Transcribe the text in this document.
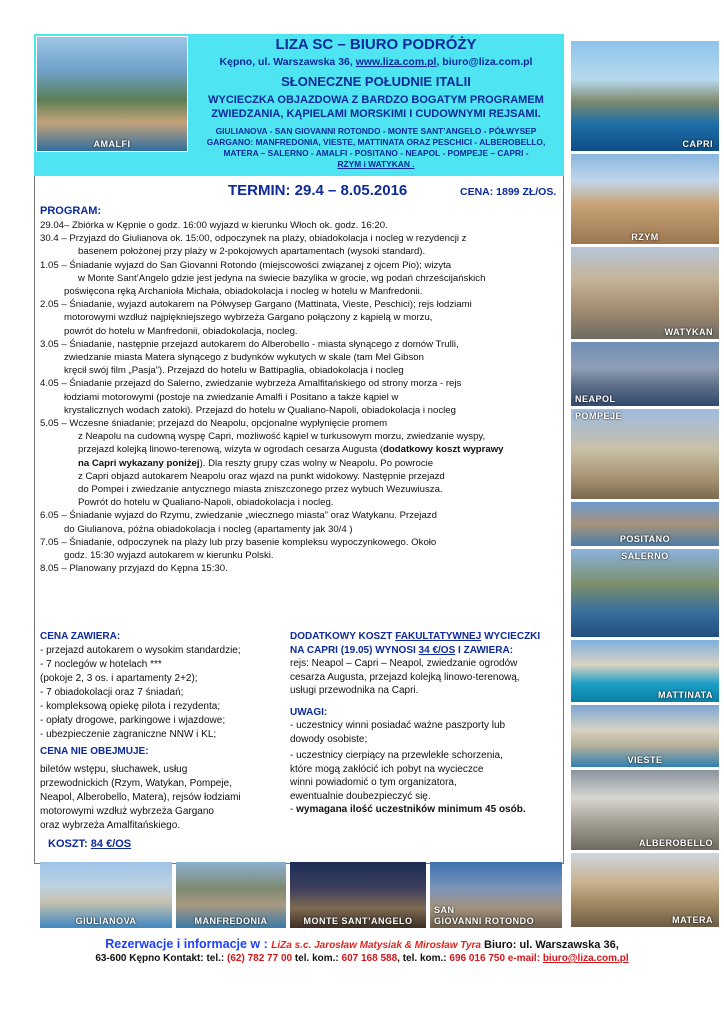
AMALFI
LIZA SC – BIURO PODRÓŻY
Kępno, ul. Warszawska 36, www.liza.com.pl, biuro@liza.com.pl
SŁONECZNE POŁUDNIE ITALII
WYCIECZKA OBJAZDOWA Z BARDZO BOGATYM PROGRAMEM
ZWIEDZANIA, KĄPIELAMI MORSKIMI I CUDOWNYMI REJSAMI.
GIULIANOVA - SAN GIOVANNI ROTONDO - MONTE SANT’ANGELO - PÓŁWYSEP
GARGANO: MANFREDONIA, VIESTE, MATTINATA ORAZ PESCHICI - ALBEROBELLO,
MATERA – SALERNO - AMALFI - POSITANO - NEAPOL - POMPEJE – CAPRI -
RZYM i WATYKAN .
TERMIN: 29.4 – 8.05.2016	CENA: 1899 ZŁ/OS.
PROGRAM:

29.04– Zbiórka w Kępnie o godz. 16:00 wyjazd w kierunku Włoch ok. godz. 16:20.

30.4 – Przyjazd do Giulianova ok. 15:00, odpoczynek na plaży, obiadokolacja i nocleg w rezydencji z

basenem położonej przy plaży w 2-pokojowych apartamentach (wysoki standard).

1.05 – Śniadanie wyjazd do San Giovanni Rotondo (miejscowości związanej z ojcem Pio); wizyta

w Monte Sant’Angelo gdzie jest jedyna na świecie bazylika w grocie, wg podań chrześcijańskich

poświęcona ręką Archanioła Michała, obiadokolacja i nocleg w hotelu w Manfredonii.

2.05 – Śniadanie, wyjazd autokarem na Półwysep Gargano (Mattinata, Vieste, Peschici); rejs łodziami

motorowymi wzdłuż najpiękniejszego wybrzeża Gargano połączony z kąpielą w morzu,

powrót do hotelu w Manfredonii, obiadokolacja, nocleg.

3.05 – Śniadanie, następnie przejazd autokarem do Alberobello - miasta słynącego z domów Trulli,

zwiedzanie miasta Matera słynącego z budynków wykutych w skale (tam Mel Gibson

kręcił swój film „Pasja”). Przejazd do hotelu w Battipaglia, obiadokolacja i nocleg

4.05 – Śniadanie przejazd do Salerno, zwiedzanie wybrzeża Amalfitańskiego od strony morza - rejs

łodziami motorowymi (postoje na zwiedzanie Amalfi i Positano a także kąpiel w

krystalicznych wodach zatoki). Przejazd do hotelu w Qualiano-Napoli, obiadokolacja i nocleg

5.05 – Wczesne śniadanie; przejazd do Neapolu, opcjonalne wypłynięcie promem

z Neapolu na cudowną wyspę Capri, możliwość kąpiel w turkusowym morzu, zwiedzanie wyspy,

przejazd kolejką linowo-terenową, wizyta w ogrodach cesarza Augusta (dodatkowy koszt wyprawy

na Capri wykazany poniżej). Dla reszty grupy czas wolny w Neapolu. Po powrocie

z Capri objazd autokarem Neapolu oraz wjazd na punkt widokowy. Następnie przejazd

do Pompei i zwiedzanie antycznego miasta zniszczonego przez wybuch Wezuwiusza.

Powrót do hotelu w Qualiano-Napoli, obiadokolacja i nocleg.

6.05 – Śniadanie wyjazd do Rzymu, zwiedzanie „wiecznego miasta” oraz Watykanu. Przejazd

do Giulianova, późna obiadokolacja i nocleg (apartamenty jak 30/4 )

7.05 – Śniadanie, odpoczynek na plaży lub przy basenie kompleksu wypoczynkowego. Około

godz. 15:30 wyjazd autokarem w kierunku Polski.

8.05 – Planowany przyjazd do Kępna 15:30.

CENA ZAWIERA:
- przejazd autokarem o wysokim standardzie;
- 7 noclegów w hotelach ***
(pokoje 2, 3 os. i apartamenty 2+2);
- 7 obiadokolacji oraz 7 śniadań;
- kompleksową opiekę pilota i rezydenta;
- opłaty drogowe, parkingowe i wjazdowe;
- ubezpieczenie zagraniczne NNW i KL;
CENA NIE OBEJMUJE:
biletów wstępu, słuchawek, usług
przewodnickich (Rzym, Watykan, Pompeje,
Neapol, Alberobello, Matera), rejsów łodziami
motorowymi wzdłuż wybrzeża Gargano
oraz wybrzeża Amalfitańskiego.
KOSZT: 84 €/OS
DODATKOWY KOSZT FAKULTATYWNEJ WYCIECZKI
NA CAPRI (19.05) WYNOSI 34 €/OS I ZAWIERA:
rejs: Neapol – Capri – Neapol, zwiedzanie ogrodów
cesarza Augusta, przejazd kolejką linowo-terenową,
usługi przewodnika na Capri.
UWAGI:
- uczestnicy winni posiadać ważne paszporty lub
dowody osobiste;
- uczestnicy cierpiący na przewlekłe schorzenia,
które mogą zakłócić ich pobyt na wycieczce
winni powiadomić o tym organizatora,
ewentualnie doubezpieczyć się.
- wymagana ilość uczestników minimum 45 osób.
CAPRI
RZYM
WATYKAN
NEAPOL
POMPEJE
POSITANO
SALERNO
MATTINATA
VIESTE
ALBEROBELLO
MATERA
GIULIANOVA	MANFREDONIA	MONTE SANT’ANGELO
SAN
GIOVANNI ROTONDO
Rezerwacje i informacje w : LiZa s.c. Jarosław Matysiak & Mirosław Tyra Biuro: ul. Warszawska 36,
63-600 Kępno Kontakt: tel.: (62) 782 77 00 tel. kom.: 607 168 588, tel. kom.: 696 016 750 e-mail: biuro@liza.com.pl
